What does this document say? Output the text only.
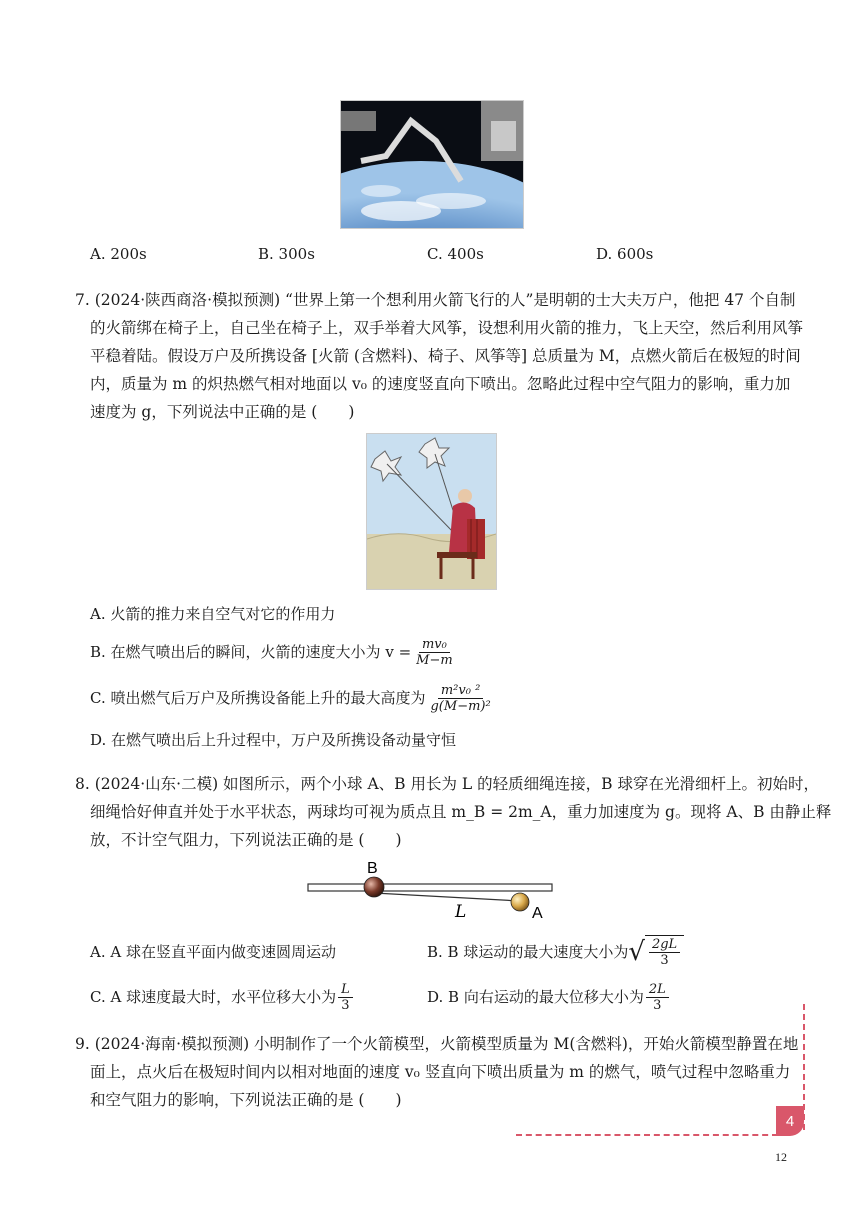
A. 200s	B. 300s	C. 400s	D. 600s
7. (2024·陕西商洛·模拟预测) “世界上第一个想利用火箭飞行的人”是明朝的士大夫万户，他把 47 个自制
的火箭绑在椅子上，自己坐在椅子上，双手举着大风筝，设想利用火箭的推力，飞上天空，然后利用风筝
平稳着陆。假设万户及所携设备 [火箭 (含燃料)、椅子、风筝等] 总质量为 M，点燃火箭后在极短的时间
内，质量为 m 的炽热燃气相对地面以 v₀ 的速度竖直向下喷出。忽略此过程中空气阻力的影响，重力加
速度为 g，下列说法中正确的是 (　　)
A. 火箭的推力来自空气对它的作用力
B. 在燃气喷出后的瞬间，火箭的速度大小为 $v = \frac{\text{mv₀}}{M-m}$
C. 喷出燃气后万户及所携设备能上升的最大高度为 $\frac{\text{m²v₀ ²}}{\text{g(M−m)²}}$
D. 在燃气喷出后上升过程中，万户及所携设备动量守恒
8. (2024·山东·二模) 如图所示，两个小球 A、B 用长为 L 的轻质细绳连接，B 球穿在光滑细杆上。初始时，
细绳恰好伸直并处于水平状态，两球均可视为质点且 m_B = 2m_A，重力加速度为 g。现将 A、B 由静止释
放，不计空气阻力，下列说法正确的是 (　　)
B
A
L
A. A 球在竖直平面内做变速圆周运动	B. B 球运动的最大速度大小为 √ $\frac{2gL}{3}$
C. A 球速度最大时，水平位移大小为 $\frac{L}{3}$	D. B 向右运动的最大位移大小为 $\frac{2L}{3}$
9. (2024·海南·模拟预测) 小明制作了一个火箭模型，火箭模型质量为 M(含燃料)，开始火箭模型静置在地
面上，点火后在极短时间内以相对地面的速度 v₀ 竖直向下喷出质量为 m 的燃气，喷气过程中忽略重力
和空气阻力的影响，下列说法正确的是 (　　)
4
12
